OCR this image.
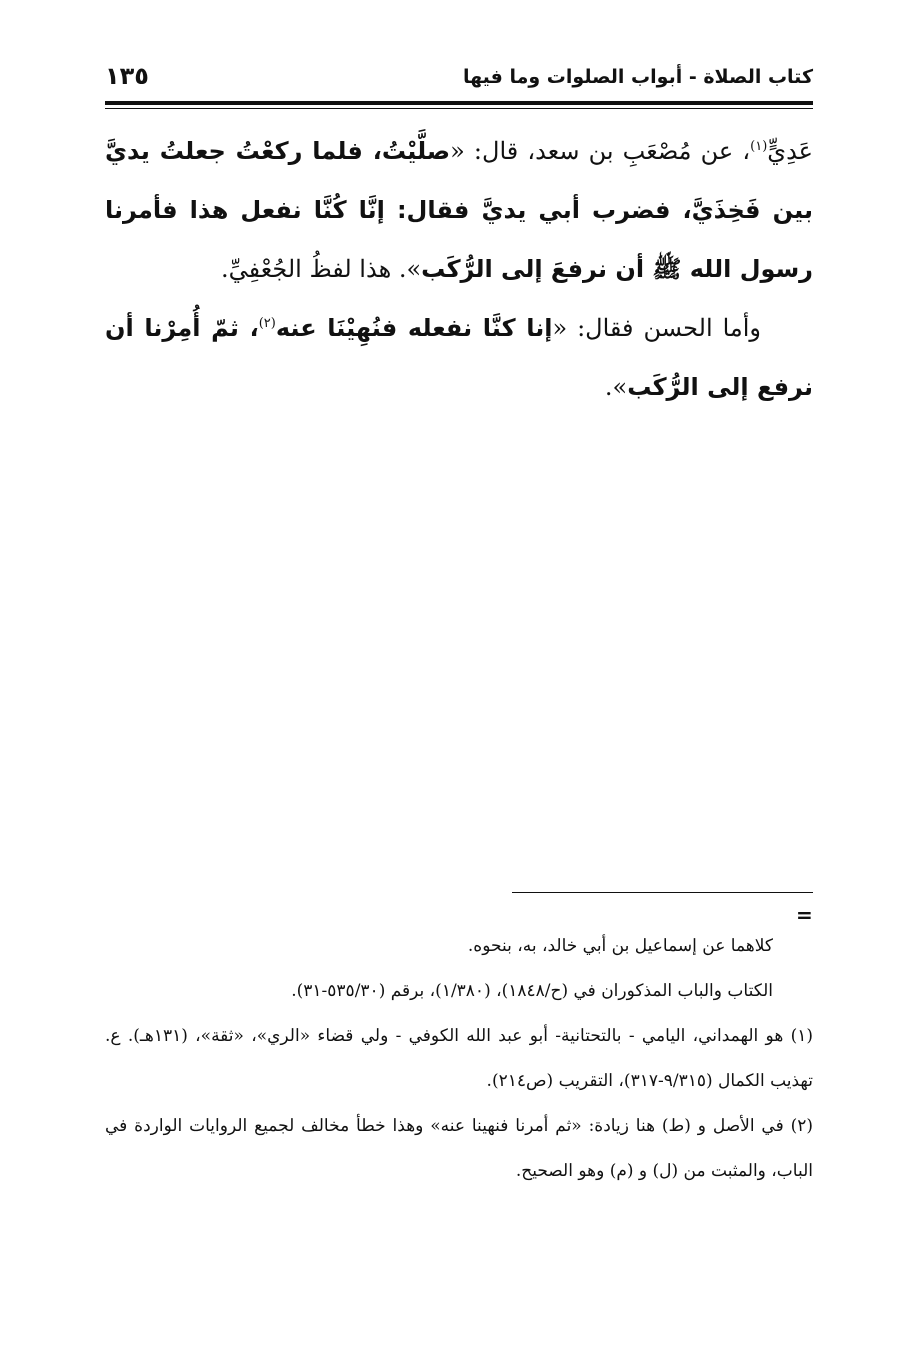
كتاب الصلاة - أبواب الصلوات وما فيها
١٣٥

عَدِيٍّ$^{(١)}$، عن مُصْعَبِ بن سعد، قال: «صلَّيْتُ، فلما ركعْتُ جعلتُ يديَّ بين فَخِذَيَّ، فضرب أبي يديَّ فقال: إنَّا كُنَّا نفعل هذا فأمرنا رسول الله ﷺ أن نرفعَ إلى الرُّكَب». هذا لفظُ الجُعْفِيِّ.

وأما الحسن فقال: «إنا كنَّا نفعله فنُهِيْنَا عنه$^{(٢)}$، ثمّ أُمِرْنا أن نرفع إلى الرُّكَب».

=

كلاهما عن إسماعيل بن أبي خالد، به، بنحوه.

الكتاب والباب المذكوران في (ح/١٨٤٨)، (١/٣٨٠)، برقم (٥٣٥/٣٠-٣١).

(١) هو الهمداني، اليامي - بالتحتانية- أبو عبد الله الكوفي - ولي قضاء «الري»، «ثقة»، (١٣١هـ). ع. تهذيب الكمال (٩/٣١٥-٣١٧)، التقريب (ص٢١٤).

(٢) في الأصل و (ط) هنا زيادة: «ثم أمرنا فنهينا عنه» وهذا خطأ مخالف لجميع الروايات الواردة في الباب، والمثبت من (ل) و (م) وهو الصحيح.
